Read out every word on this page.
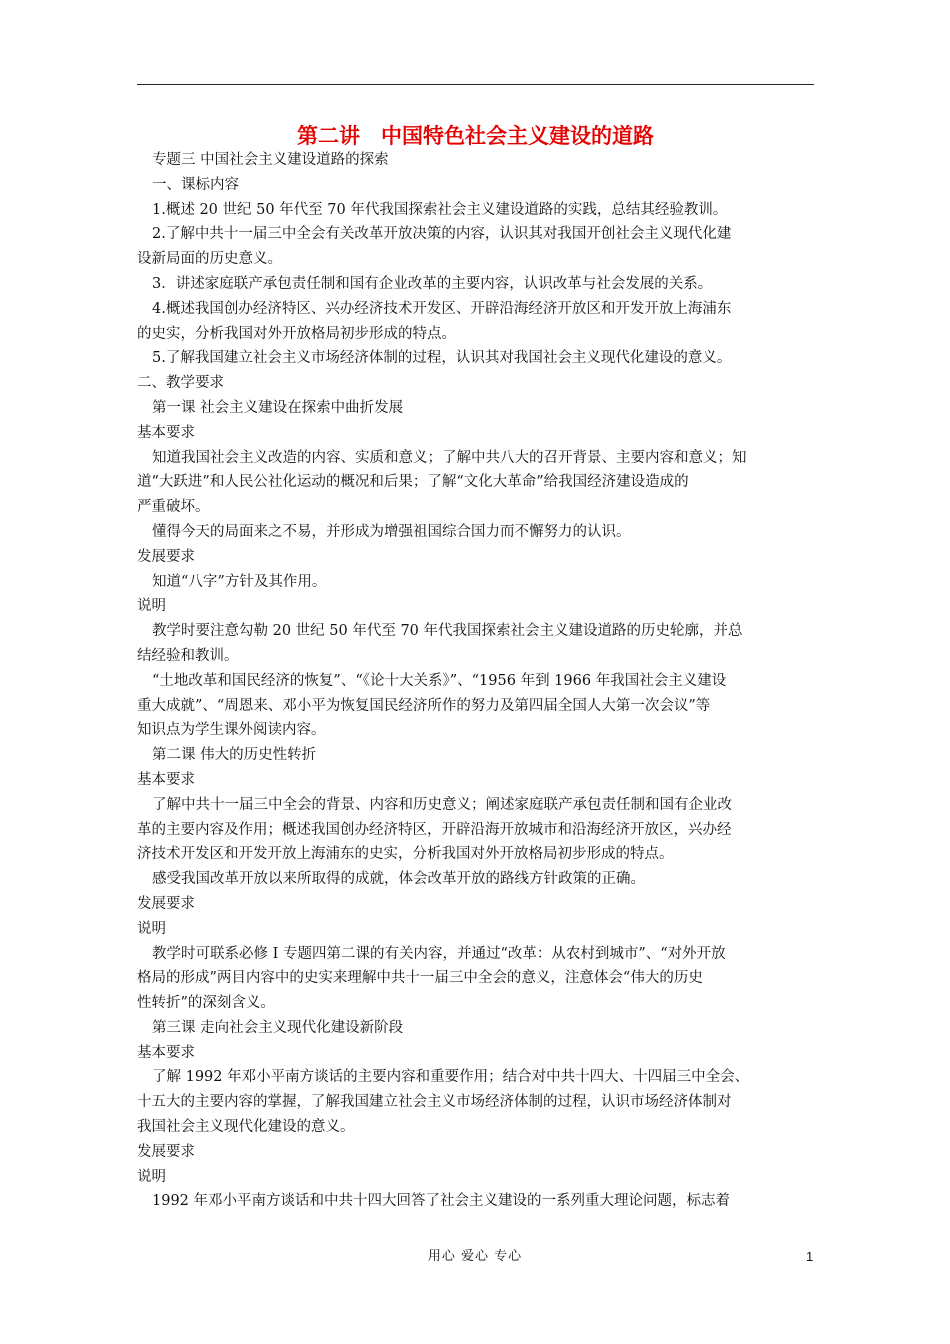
第二讲　中国特色社会主义建设的道路

专题三 中国社会主义建设道路的探索

一、课标内容

1.概述 20 世纪 50 年代至 70 年代我国探索社会主义建设道路的实践，总结其经验教训。

2.了解中共十一届三中全会有关改革开放决策的内容，认识其对我国开创社会主义现代化建

设新局面的历史意义。

3．讲述家庭联产承包责任制和国有企业改革的主要内容，认识改革与社会发展的关系。

4.概述我国创办经济特区、兴办经济技术开发区、开辟沿海经济开放区和开发开放上海浦东

的史实，分析我国对外开放格局初步形成的特点。

5.了解我国建立社会主义市场经济体制的过程，认识其对我国社会主义现代化建设的意义。

二、教学要求

第一课 社会主义建设在探索中曲折发展

基本要求

知道我国社会主义改造的内容、实质和意义；了解中共八大的召开背景、主要内容和意义；知

道“大跃进”和人民公社化运动的概况和后果；了解“文化大革命”给我国经济建设造成的

严重破坏。

懂得今天的局面来之不易，并形成为增强祖国综合国力而不懈努力的认识。

发展要求

知道“八字”方针及其作用。

说明

教学时要注意勾勒 20 世纪 50 年代至 70 年代我国探索社会主义建设道路的历史轮廓，并总

结经验和教训。

“土地改革和国民经济的恢复”、“《论十大关系》”、“1956 年到 1966 年我国社会主义建设

重大成就”、“周恩来、邓小平为恢复国民经济所作的努力及第四届全国人大第一次会议”等

知识点为学生课外阅读内容。

第二课 伟大的历史性转折

基本要求

了解中共十一届三中全会的背景、内容和历史意义；阐述家庭联产承包责任制和国有企业改

革的主要内容及作用；概述我国创办经济特区，开辟沿海开放城市和沿海经济开放区，兴办经

济技术开发区和开发开放上海浦东的史实，分析我国对外开放格局初步形成的特点。

感受我国改革开放以来所取得的成就，体会改革开放的路线方针政策的正确。

发展要求

说明

教学时可联系必修 I 专题四第二课的有关内容，并通过“改革：从农村到城市”、“对外开放

格局的形成”两目内容中的史实来理解中共十一届三中全会的意义，注意体会“伟大的历史

性转折”的深刻含义。

第三课 走向社会主义现代化建设新阶段

基本要求

了解 1992 年邓小平南方谈话的主要内容和重要作用；结合对中共十四大、十四届三中全会、

十五大的主要内容的掌握，了解我国建立社会主义市场经济体制的过程，认识市场经济体制对

我国社会主义现代化建设的意义。

发展要求

说明

1992 年邓小平南方谈话和中共十四大回答了社会主义建设的一系列重大理论问题，标志着

用心 爱心 专心	1
